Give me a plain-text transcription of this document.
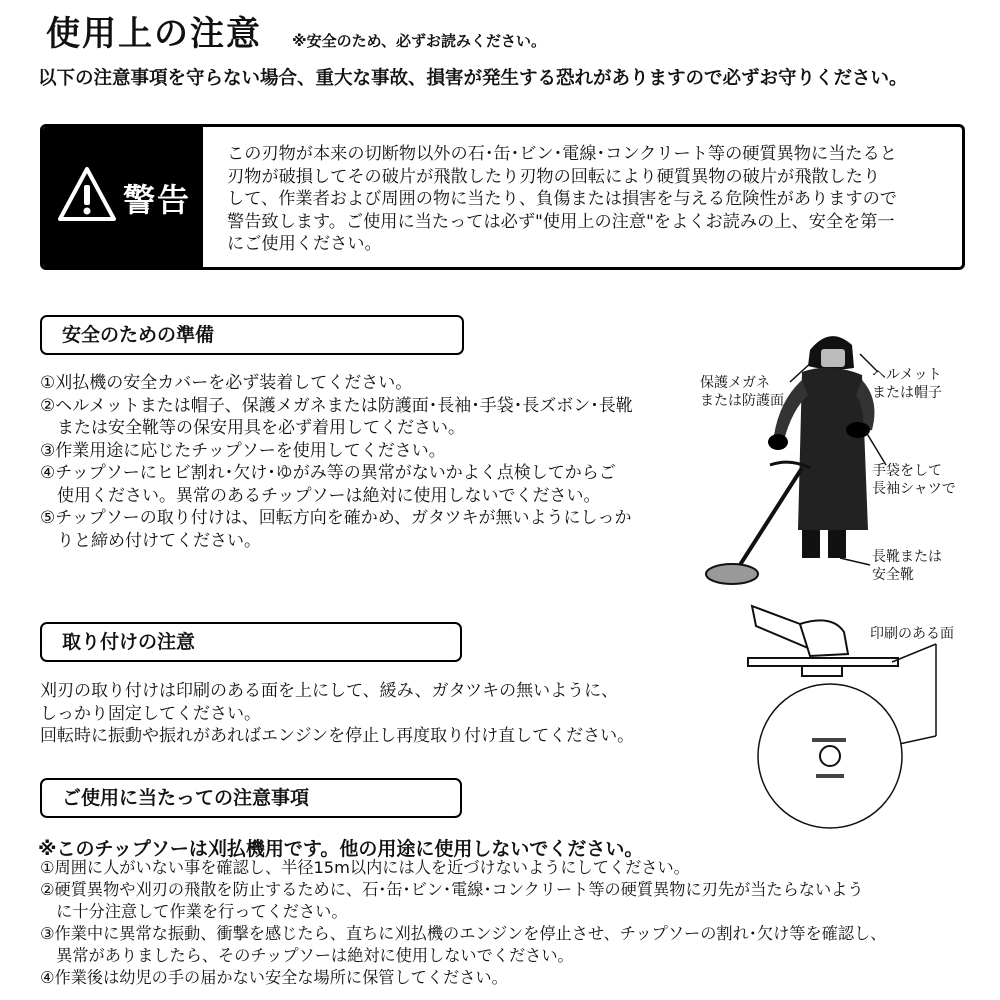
使用上の注意 ※安全のため、必ずお読みください。
以下の注意事項を守らない場合、重大な事故、損害が発生する恐れがありますので必ずお守りください。
警告
この刃物が本来の切断物以外の石･缶･ビン･電線･コンクリート等の硬質異物に当たると
刃物が破損してその破片が飛散したり刃物の回転により硬質異物の破片が飛散したり
して、作業者および周囲の物に当たり、負傷または損害を与える危険性がありますので
警告致します。ご使用に当たっては必ず"使用上の注意"をよくお読みの上、安全を第一
にご使用ください。
安全のための準備
①刈払機の安全カバーを必ず装着してください。
②ヘルメットまたは帽子、保護メガネまたは防護面･長袖･手袋･長ズボン･長靴
　または安全靴等の保安用具を必ず着用してください。
③作業用途に応じたチップソーを使用してください。
④チップソーにヒビ割れ･欠け･ゆがみ等の異常がないかよく点検してからご
　使用ください。異常のあるチップソーは絶対に使用しないでください。
⑤チップソーの取り付けは、回転方向を確かめ、ガタツキが無いようにしっか
　りと締め付けてください。
保護メガネ
または防護面
ヘルメット
または帽子
手袋をして
長袖シャツで
長靴または
安全靴
取り付けの注意
刈刃の取り付けは印刷のある面を上にして、緩み、ガタツキの無いように、
しっかり固定してください。
回転時に振動や振れがあればエンジンを停止し再度取り付け直してください。
印刷のある面
ご使用に当たっての注意事項
※このチップソーは刈払機用です。他の用途に使用しないでください。
①周囲に人がいない事を確認し、半径15m以内には人を近づけないようにしてください。
②硬質異物や刈刃の飛散を防止するために、石･缶･ビン･電線･コンクリート等の硬質異物に刃先が当たらないよう
　に十分注意して作業を行ってください。
③作業中に異常な振動、衝撃を感じたら、直ちに刈払機のエンジンを停止させ、チップソーの割れ･欠け等を確認し、
　異常がありましたら、そのチップソーは絶対に使用しないでください。
④作業後は幼児の手の届かない安全な場所に保管してください。
